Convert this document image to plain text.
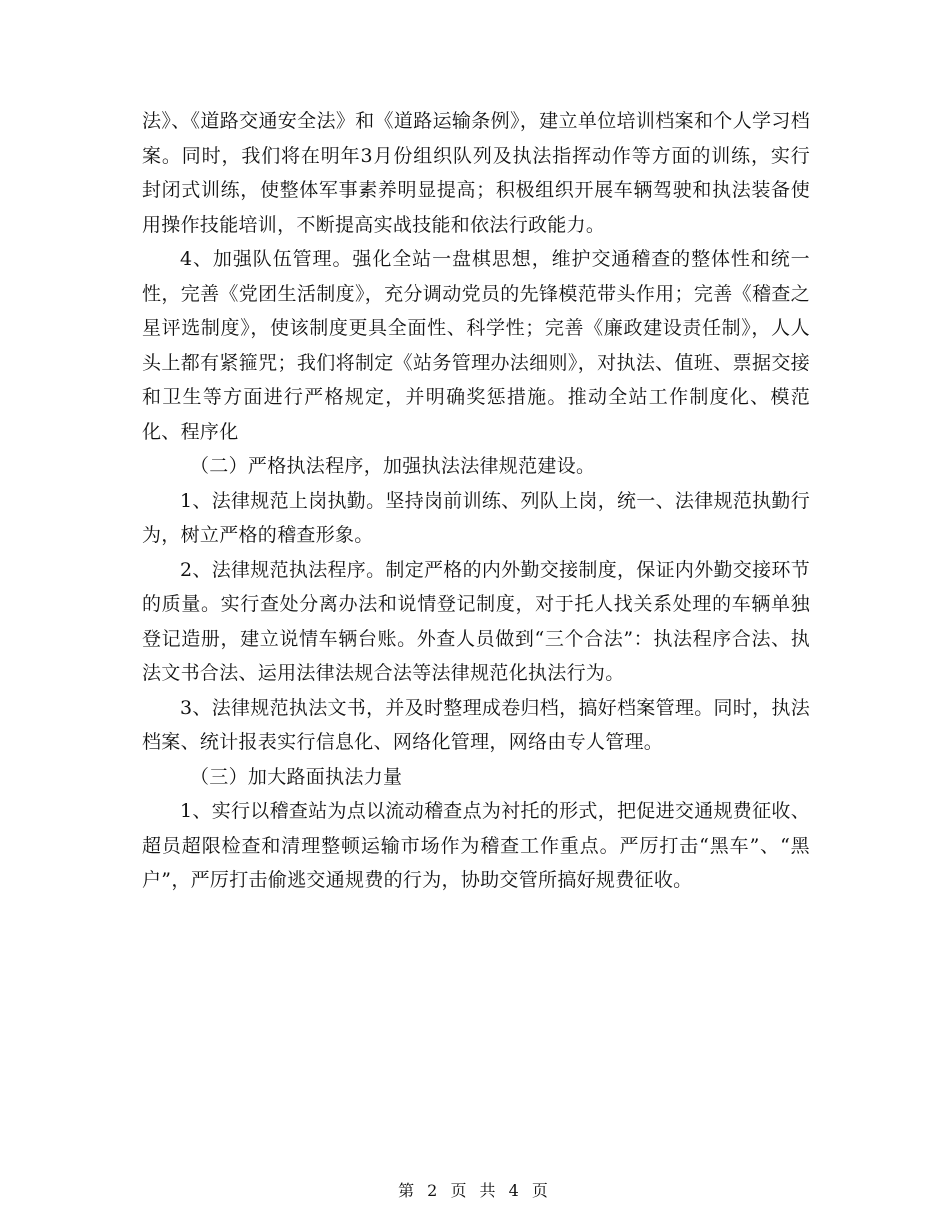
法》、《道路交通安全法》和《道路运输条例》，建立单位培训档案和个人学习档案。同时，我们将在明年3月份组织队列及执法指挥动作等方面的训练，实行封闭式训练，使整体军事素养明显提高；积极组织开展车辆驾驶和执法装备使用操作技能培训，不断提高实战技能和依法行政能力。

4、加强队伍管理。强化全站一盘棋思想，维护交通稽查的整体性和统一性，完善《党团生活制度》，充分调动党员的先锋模范带头作用；完善《稽查之星评选制度》，使该制度更具全面性、科学性；完善《廉政建设责任制》，人人头上都有紧箍咒；我们将制定《站务管理办法细则》，对执法、值班、票据交接和卫生等方面进行严格规定，并明确奖惩措施。推动全站工作制度化、模范化、程序化

（二）严格执法程序，加强执法法律规范建设。

1、法律规范上岗执勤。坚持岗前训练、列队上岗，统一、法律规范执勤行为，树立严格的稽查形象。

2、法律规范执法程序。制定严格的内外勤交接制度，保证内外勤交接环节的质量。实行查处分离办法和说情登记制度，对于托人找关系处理的车辆单独登记造册，建立说情车辆台账。外查人员做到“三个合法”：执法程序合法、执法文书合法、运用法律法规合法等法律规范化执法行为。

3、法律规范执法文书，并及时整理成卷归档，搞好档案管理。同时，执法档案、统计报表实行信息化、网络化管理，网络由专人管理。

（三）加大路面执法力量

1、实行以稽查站为点以流动稽查点为衬托的形式，把促进交通规费征收、超员超限检查和清理整顿运输市场作为稽查工作重点。严厉打击“黑车”、“黑户”，严厉打击偷逃交通规费的行为，协助交管所搞好规费征收。

第 2 页 共 4 页
